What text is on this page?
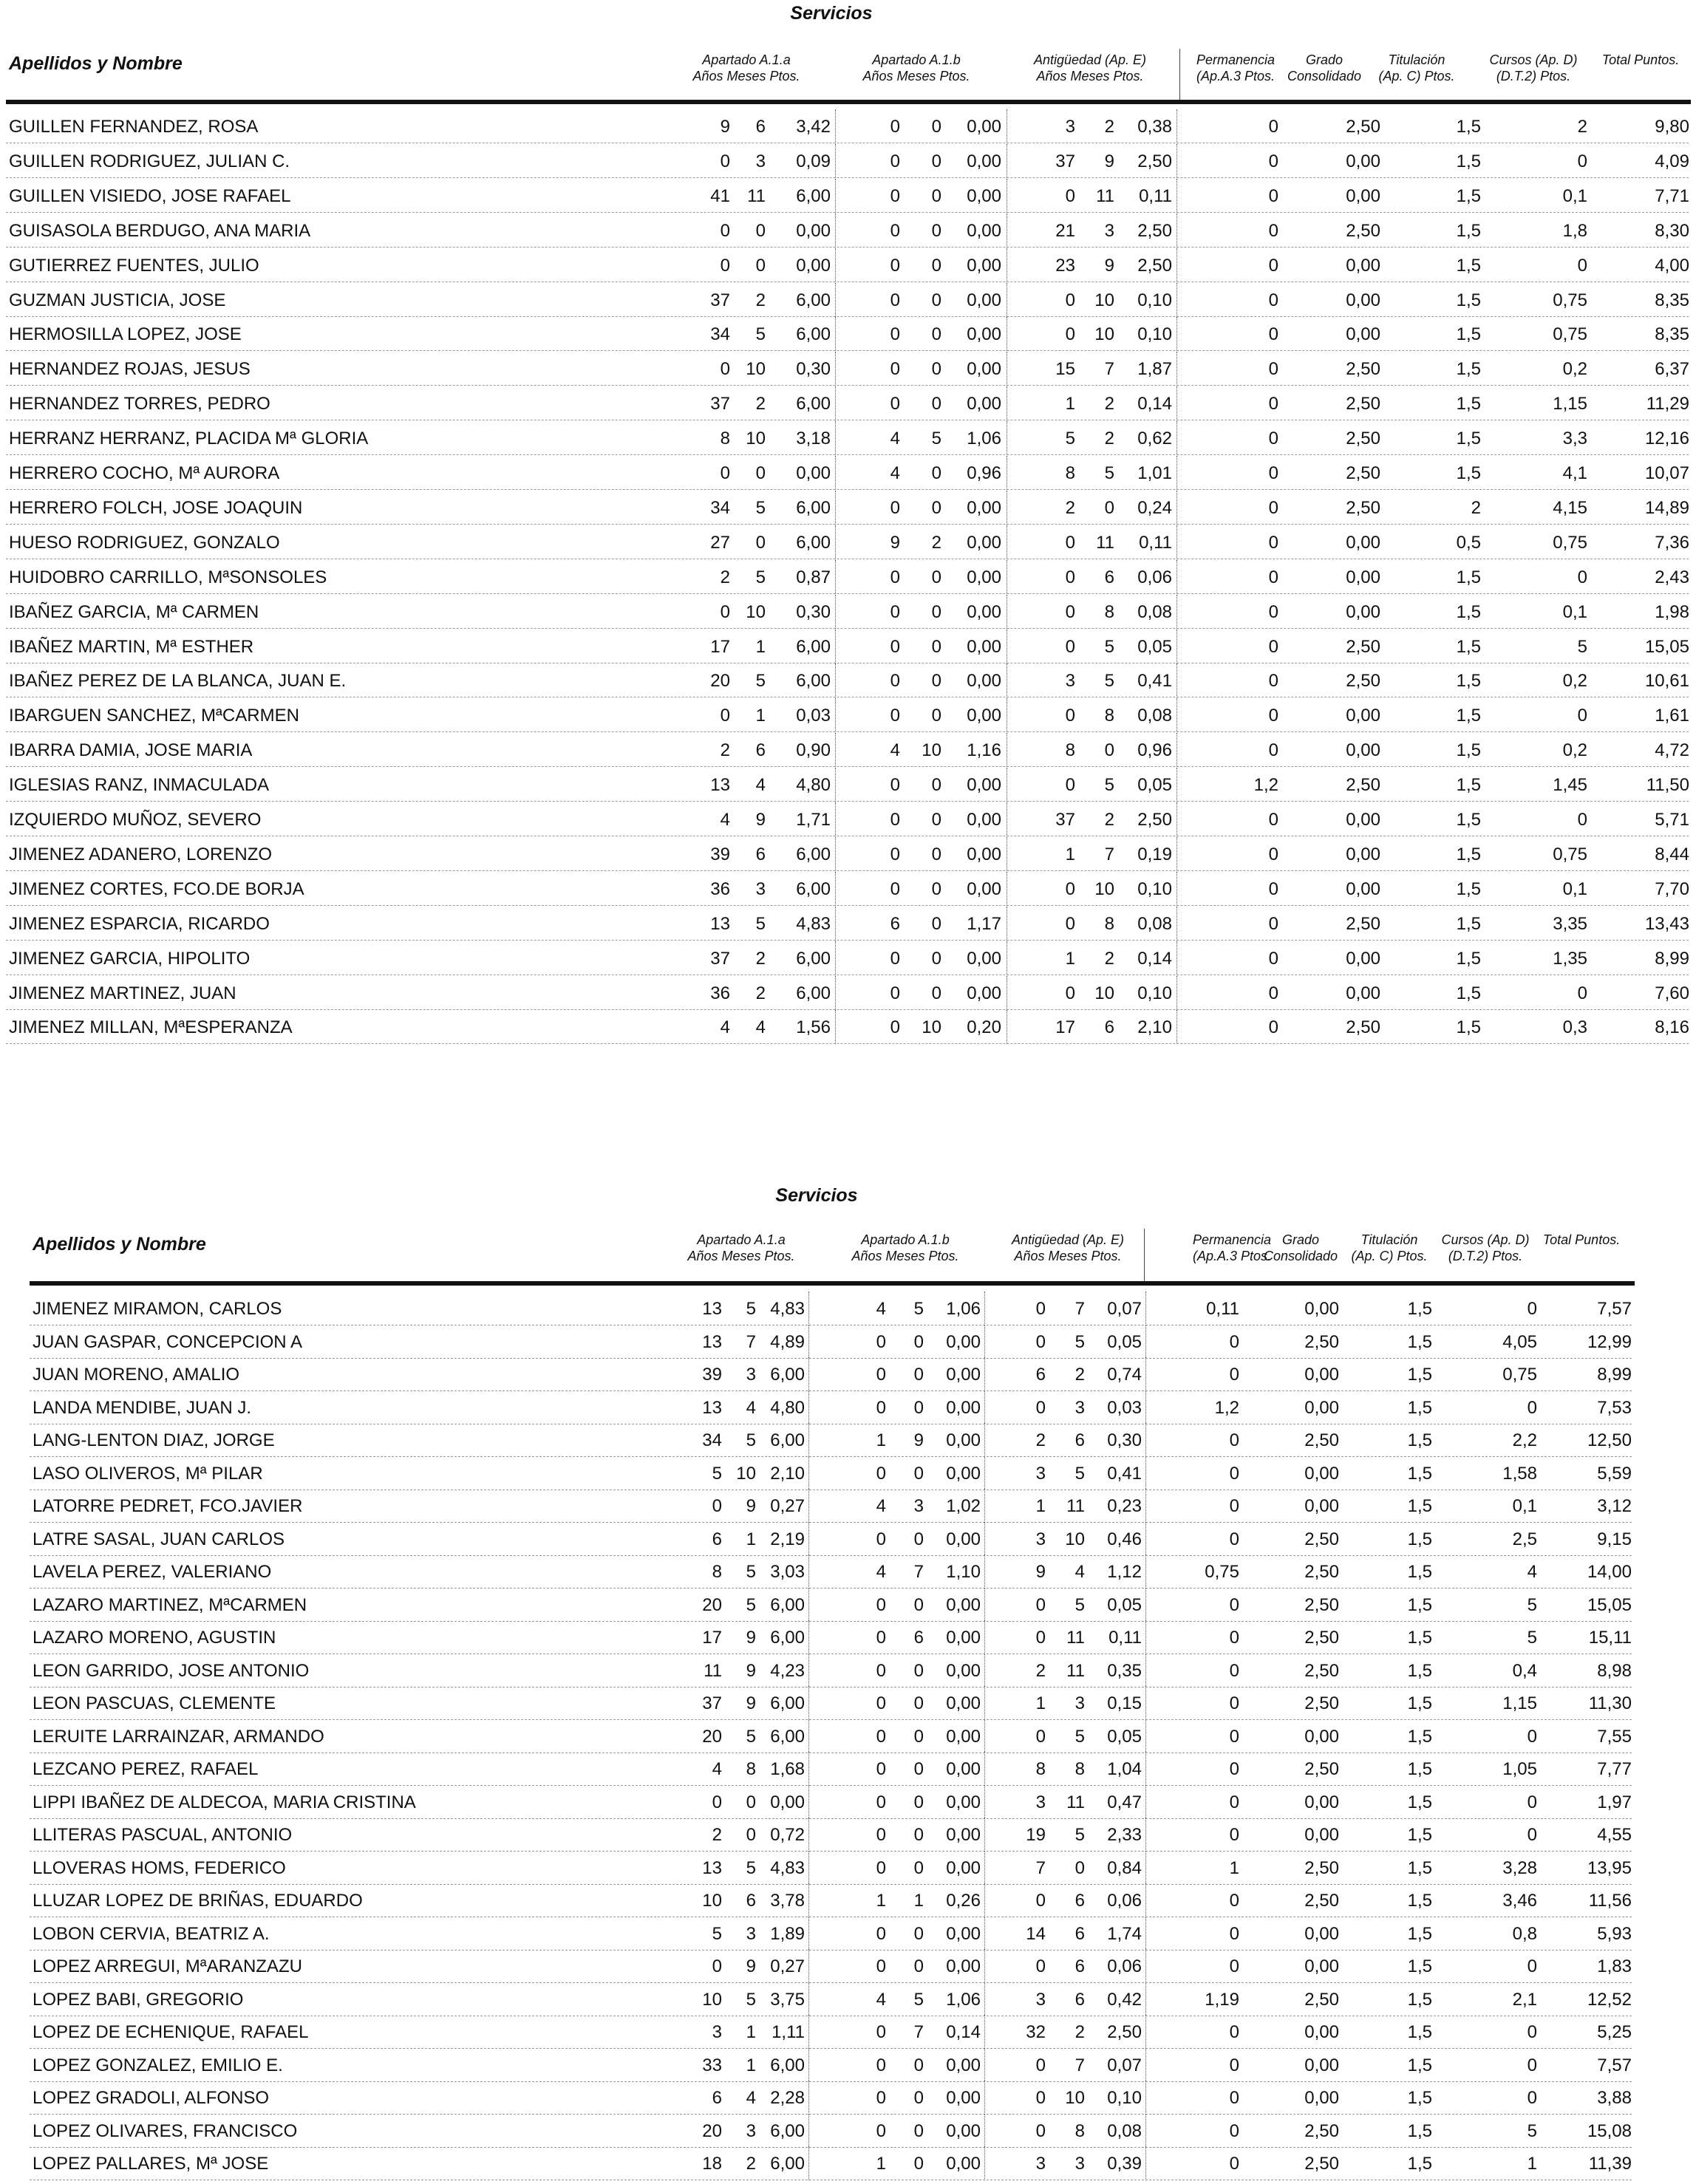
Servicios
Apellidos y Nombre	Apartado A.1.a
Años Meses Ptos.
Apartado A.1.b
Años Meses Ptos.
Antigüedad (Ap. E)
Años Meses Ptos.
Permanencia
(Ap.A.3 Ptos.
Grado
Consolidado
Titulación
(Ap. C) Ptos.
Cursos (Ap. D)
(D.T.2) Ptos.
Total Puntos.
GUILLEN FERNANDEZ, ROSA	9 6 3,42	0 0 0,00	3 2 0,38	0	2,50	1,5	2	9,80
GUILLEN RODRIGUEZ, JULIAN C.	0 3 0,09	0 0 0,00	37 9 2,50	0	0,00	1,5	0	4,09
GUILLEN VISIEDO, JOSE RAFAEL	41 11 6,00	0 0 0,00	0 11 0,11	0	0,00	1,5	0,1	7,71
GUISASOLA BERDUGO, ANA MARIA	0 0 0,00	0 0 0,00	21 3 2,50	0	2,50	1,5	1,8	8,30
GUTIERREZ FUENTES, JULIO	0 0 0,00	0 0 0,00	23 9 2,50	0	0,00	1,5	0	4,00
GUZMAN JUSTICIA, JOSE	37 2 6,00	0 0 0,00	0 10 0,10	0	0,00	1,5	0,75	8,35
HERMOSILLA LOPEZ, JOSE	34 5 6,00	0 0 0,00	0 10 0,10	0	0,00	1,5	0,75	8,35
HERNANDEZ ROJAS, JESUS	0 10 0,30	0 0 0,00	15 7 1,87	0	2,50	1,5	0,2	6,37
HERNANDEZ TORRES, PEDRO	37 2 6,00	0 0 0,00	1 2 0,14	0	2,50	1,5	1,15	11,29
HERRANZ HERRANZ, PLACIDA Mª GLORIA	8 10 3,18	4 5 1,06	5 2 0,62	0	2,50	1,5	3,3	12,16
HERRERO COCHO, Mª AURORA	0 0 0,00	4 0 0,96	8 5 1,01	0	2,50	1,5	4,1	10,07
HERRERO FOLCH, JOSE JOAQUIN	34 5 6,00	0 0 0,00	2 0 0,24	0	2,50	2	4,15	14,89
HUESO RODRIGUEZ, GONZALO	27 0 6,00	9 2 0,00	0 11 0,11	0	0,00	0,5	0,75	7,36
HUIDOBRO CARRILLO, MªSONSOLES	2 5 0,87	0 0 0,00	0 6 0,06	0	0,00	1,5	0	2,43
IBAÑEZ GARCIA, Mª CARMEN	0 10 0,30	0 0 0,00	0 8 0,08	0	0,00	1,5	0,1	1,98
IBAÑEZ MARTIN, Mª ESTHER	17 1 6,00	0 0 0,00	0 5 0,05	0	2,50	1,5	5	15,05
IBAÑEZ PEREZ DE LA BLANCA, JUAN E.	20 5 6,00	0 0 0,00	3 5 0,41	0	2,50	1,5	0,2	10,61
IBARGUEN SANCHEZ, MªCARMEN	0 1 0,03	0 0 0,00	0 8 0,08	0	0,00	1,5	0	1,61
IBARRA DAMIA, JOSE MARIA	2 6 0,90	4 10 1,16	8 0 0,96	0	0,00	1,5	0,2	4,72
IGLESIAS RANZ, INMACULADA	13 4 4,80	0 0 0,00	0 5 0,05	1,2	2,50	1,5	1,45	11,50
IZQUIERDO MUÑOZ, SEVERO	4 9 1,71	0 0 0,00	37 2 2,50	0	0,00	1,5	0	5,71
JIMENEZ ADANERO, LORENZO	39 6 6,00	0 0 0,00	1 7 0,19	0	0,00	1,5	0,75	8,44
JIMENEZ CORTES, FCO.DE BORJA	36 3 6,00	0 0 0,00	0 10 0,10	0	0,00	1,5	0,1	7,70
JIMENEZ ESPARCIA, RICARDO	13 5 4,83	6 0 1,17	0 8 0,08	0	2,50	1,5	3,35	13,43
JIMENEZ GARCIA, HIPOLITO	37 2 6,00	0 0 0,00	1 2 0,14	0	0,00	1,5	1,35	8,99
JIMENEZ MARTINEZ, JUAN	36 2 6,00	0 0 0,00	0 10 0,10	0	0,00	1,5	0	7,60
JIMENEZ MILLAN, MªESPERANZA	4 4 1,56	0 10 0,20	17 6 2,10	0	2,50	1,5	0,3	8,16
Servicios
Apellidos y Nombre	Apartado A.1.a
Años Meses Ptos.
Apartado A.1.b
Años Meses Ptos.
Antigüedad (Ap. E)
Años Meses Ptos.
Permanencia
(Ap.A.3 Ptos.
Grado
Consolidado
Titulación
(Ap. C) Ptos.
Cursos (Ap. D)
(D.T.2) Ptos.
Total Puntos.
JIMENEZ MIRAMON, CARLOS	13 5 4,83	4 5 1,06	0 7 0,07	0,11	0,00	1,5	0	7,57
JUAN GASPAR, CONCEPCION A	13 7 4,89	0 0 0,00	0 5 0,05	0	2,50	1,5	4,05	12,99
JUAN MORENO, AMALIO	39 3 6,00	0 0 0,00	6 2 0,74	0	0,00	1,5	0,75	8,99
LANDA MENDIBE, JUAN J.	13 4 4,80	0 0 0,00	0 3 0,03	1,2	0,00	1,5	0	7,53
LANG-LENTON DIAZ, JORGE	34 5 6,00	1 9 0,00	2 6 0,30	0	2,50	1,5	2,2	12,50
LASO OLIVEROS, Mª PILAR	5 10 2,10	0 0 0,00	3 5 0,41	0	0,00	1,5	1,58	5,59
LATORRE PEDRET, FCO.JAVIER	0 9 0,27	4 3 1,02	1 11 0,23	0	0,00	1,5	0,1	3,12
LATRE SASAL, JUAN CARLOS	6 1 2,19	0 0 0,00	3 10 0,46	0	2,50	1,5	2,5	9,15
LAVELA PEREZ, VALERIANO	8 5 3,03	4 7 1,10	9 4 1,12	0,75	2,50	1,5	4	14,00
LAZARO MARTINEZ, MªCARMEN	20 5 6,00	0 0 0,00	0 5 0,05	0	2,50	1,5	5	15,05
LAZARO MORENO, AGUSTIN	17 9 6,00	0 6 0,00	0 11 0,11	0	2,50	1,5	5	15,11
LEON GARRIDO, JOSE ANTONIO	11 9 4,23	0 0 0,00	2 11 0,35	0	2,50	1,5	0,4	8,98
LEON PASCUAS, CLEMENTE	37 9 6,00	0 0 0,00	1 3 0,15	0	2,50	1,5	1,15	11,30
LERUITE LARRAINZAR, ARMANDO	20 5 6,00	0 0 0,00	0 5 0,05	0	0,00	1,5	0	7,55
LEZCANO PEREZ, RAFAEL	4 8 1,68	0 0 0,00	8 8 1,04	0	2,50	1,5	1,05	7,77
LIPPI IBAÑEZ DE ALDECOA, MARIA CRISTINA	0 0 0,00	0 0 0,00	3 11 0,47	0	0,00	1,5	0	1,97
LLITERAS PASCUAL, ANTONIO	2 0 0,72	0 0 0,00	19 5 2,33	0	0,00	1,5	0	4,55
LLOVERAS HOMS, FEDERICO	13 5 4,83	0 0 0,00	7 0 0,84	1	2,50	1,5	3,28	13,95
LLUZAR LOPEZ DE BRIÑAS, EDUARDO	10 6 3,78	1 1 0,26	0 6 0,06	0	2,50	1,5	3,46	11,56
LOBON CERVIA, BEATRIZ A.	5 3 1,89	0 0 0,00	14 6 1,74	0	0,00	1,5	0,8	5,93
LOPEZ ARREGUI, MªARANZAZU	0 9 0,27	0 0 0,00	0 6 0,06	0	0,00	1,5	0	1,83
LOPEZ BABI, GREGORIO	10 5 3,75	4 5 1,06	3 6 0,42	1,19	2,50	1,5	2,1	12,52
LOPEZ DE ECHENIQUE, RAFAEL	3 1 1,11	0 7 0,14	32 2 2,50	0	0,00	1,5	0	5,25
LOPEZ GONZALEZ, EMILIO E.	33 1 6,00	0 0 0,00	0 7 0,07	0	0,00	1,5	0	7,57
LOPEZ GRADOLI, ALFONSO	6 4 2,28	0 0 0,00	0 10 0,10	0	0,00	1,5	0	3,88
LOPEZ OLIVARES, FRANCISCO	20 3 6,00	0 0 0,00	0 8 0,08	0	2,50	1,5	5	15,08
LOPEZ PALLARES, Mª JOSE	18 2 6,00	1 0 0,00	3 3 0,39	0	2,50	1,5	1	11,39
